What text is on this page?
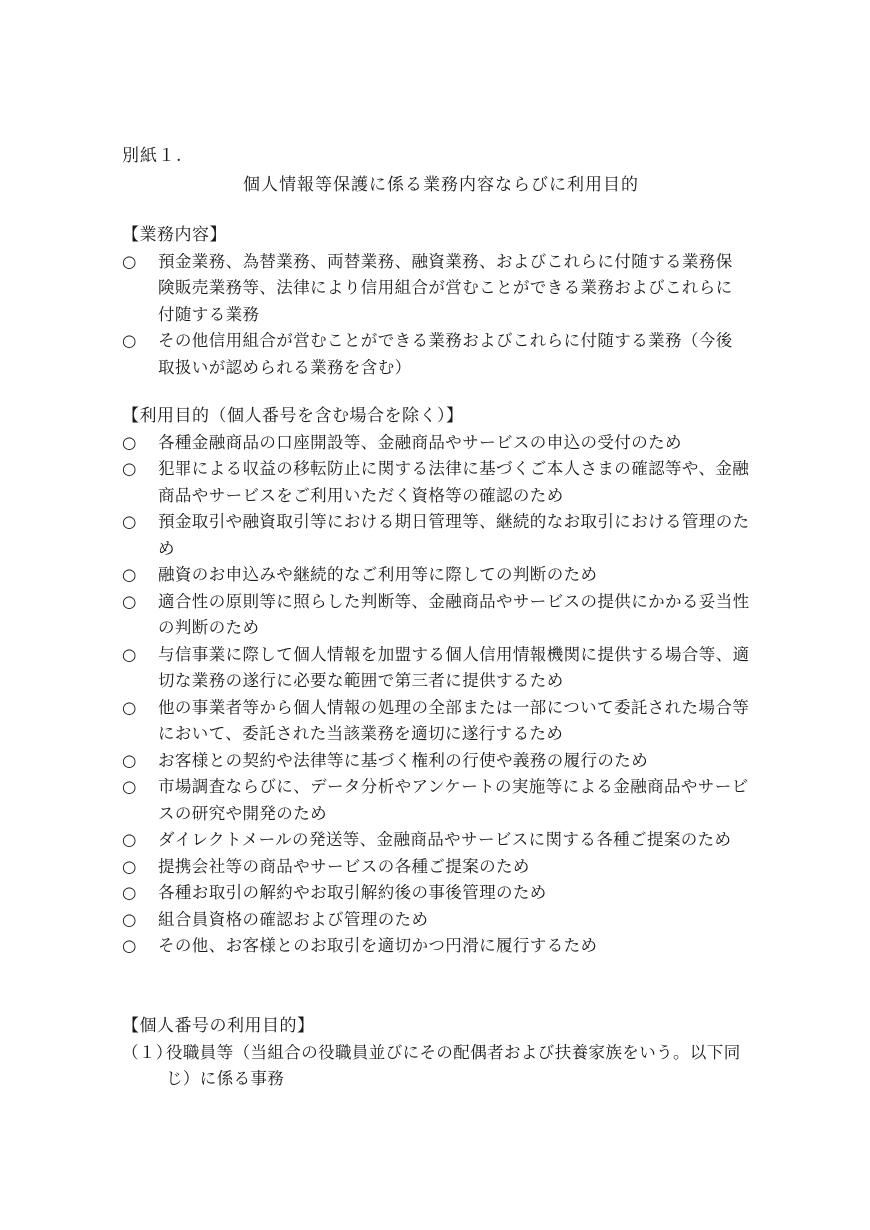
別紙１.
個人情報等保護に係る業務内容ならびに利用目的
【業務内容】
○	預金業務、為替業務、両替業務、融資業務、およびこれらに付随する業務保険販売業務等、法律により信用組合が営むことができる業務およびこれらに付随する業務
○	その他信用組合が営むことができる業務およびこれらに付随する業務（今後取扱いが認められる業務を含む）
【利用目的（個人番号を含む場合を除く）】
○	各種金融商品の口座開設等、金融商品やサービスの申込の受付のため
○	犯罪による収益の移転防止に関する法律に基づくご本人さまの確認等や、金融商品やサービスをご利用いただく資格等の確認のため
○	預金取引や融資取引等における期日管理等、継続的なお取引における管理のため
○	融資のお申込みや継続的なご利用等に際しての判断のため
○	適合性の原則等に照らした判断等、金融商品やサービスの提供にかかる妥当性の判断のため
○	与信事業に際して個人情報を加盟する個人信用情報機関に提供する場合等、適切な業務の遂行に必要な範囲で第三者に提供するため
○	他の事業者等から個人情報の処理の全部または一部について委託された場合等において、委託された当該業務を適切に遂行するため
○	お客様との契約や法律等に基づく権利の行使や義務の履行のため
○	市場調査ならびに、データ分析やアンケートの実施等による金融商品やサービスの研究や開発のため
○	ダイレクトメールの発送等、金融商品やサービスに関する各種ご提案のため
○	提携会社等の商品やサービスの各種ご提案のため
○	各種お取引の解約やお取引解約後の事後管理のため
○	組合員資格の確認および管理のため
○	その他、お客様とのお取引を適切かつ円滑に履行するため
【個人番号の利用目的】
（１）
役職員等（当組合の役職員並びにその配偶者および扶養家族をいう。以下同じ）に係る事務
